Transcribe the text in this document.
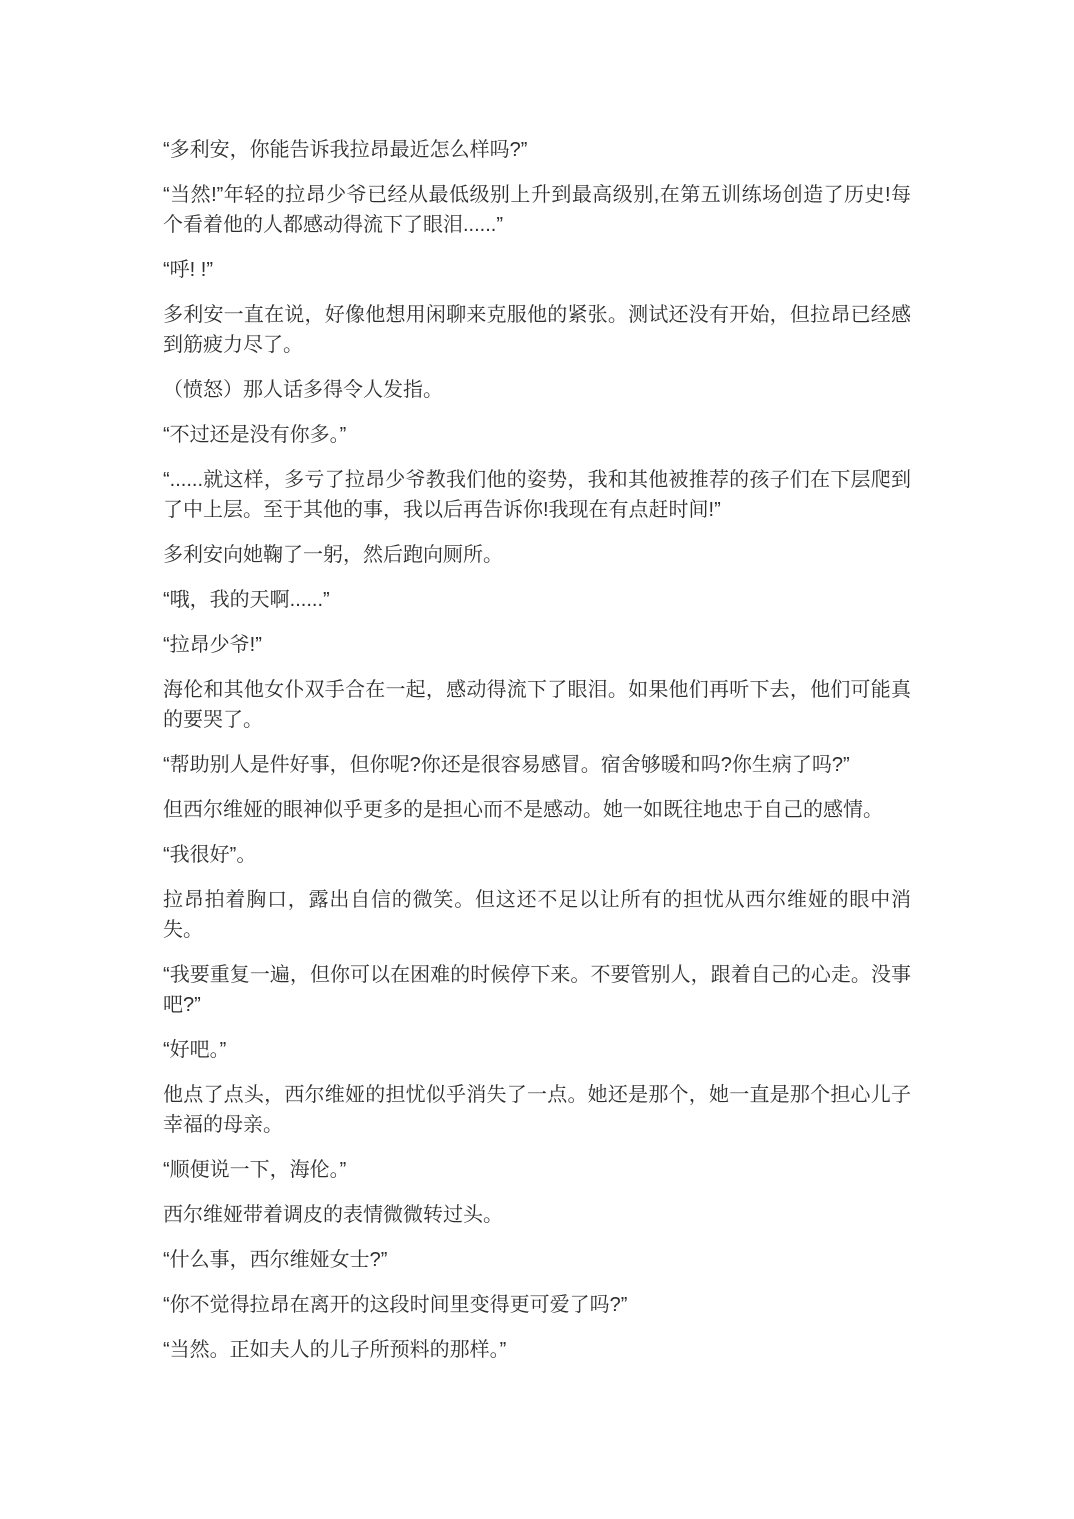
“多利安，你能告诉我拉昂最近怎么样吗?”

“当然!”年轻的拉昂少爷已经从最低级别上升到最高级别,在第五训练场创造了历史!每个看着他的人都感动得流下了眼泪......”

“呼! !”

多利安一直在说，好像他想用闲聊来克服他的紧张。测试还没有开始，但拉昂已经感到筋疲力尽了。

（愤怒）那人话多得令人发指。

“不过还是没有你多。”

“......就这样，多亏了拉昂少爷教我们他的姿势，我和其他被推荐的孩子们在下层爬到了中上层。至于其他的事，我以后再告诉你!我现在有点赶时间!”

多利安向她鞠了一躬，然后跑向厕所。

“哦，我的天啊......”

“拉昂少爷!”

海伦和其他女仆双手合在一起，感动得流下了眼泪。如果他们再听下去，他们可能真的要哭了。

“帮助别人是件好事，但你呢?你还是很容易感冒。宿舍够暖和吗?你生病了吗?”

但西尔维娅的眼神似乎更多的是担心而不是感动。她一如既往地忠于自己的感情。

“我很好”。

拉昂拍着胸口，露出自信的微笑。但这还不足以让所有的担忧从西尔维娅的眼中消失。

“我要重复一遍，但你可以在困难的时候停下来。不要管别人，跟着自己的心走。没事吧?”

“好吧。”

他点了点头，西尔维娅的担忧似乎消失了一点。她还是那个，她一直是那个担心儿子幸福的母亲。

“顺便说一下，海伦。”

西尔维娅带着调皮的表情微微转过头。

“什么事，西尔维娅女士?”

“你不觉得拉昂在离开的这段时间里变得更可爱了吗?”

“当然。正如夫人的儿子所预料的那样。”
